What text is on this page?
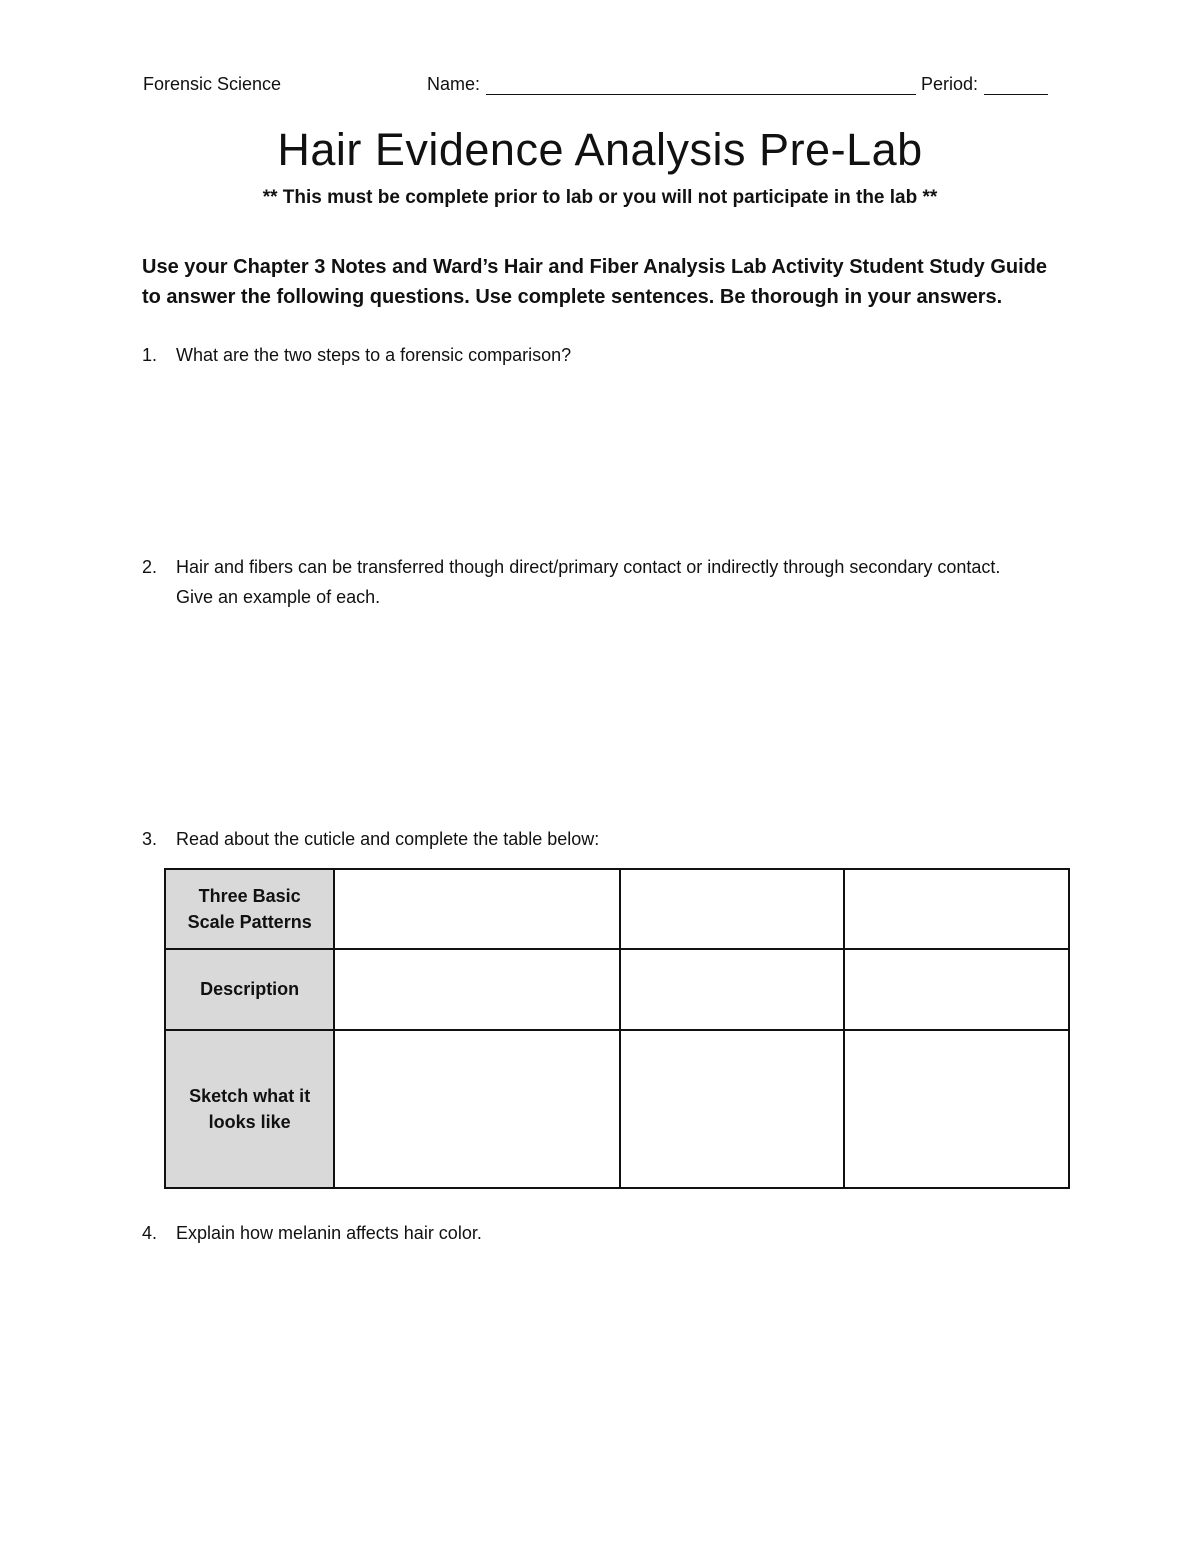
Forensic Science	Name:	Period:
Hair Evidence Analysis Pre-Lab
** This must be complete prior to lab or you will not participate in the lab **
Use your Chapter 3 Notes and Ward’s Hair and Fiber Analysis Lab Activity Student Study Guide to answer the following questions. Use complete sentences. Be thorough in your answers.
1.	What are the two steps to a forensic comparison?
2.	Hair and fibers can be transferred though direct/primary contact or indirectly through secondary contact. Give an example of each.
3.	Read about the cuticle and complete the table below:
Three Basic Scale Patterns			
Description			
Sketch what it looks like			
4.	Explain how melanin affects hair color.
